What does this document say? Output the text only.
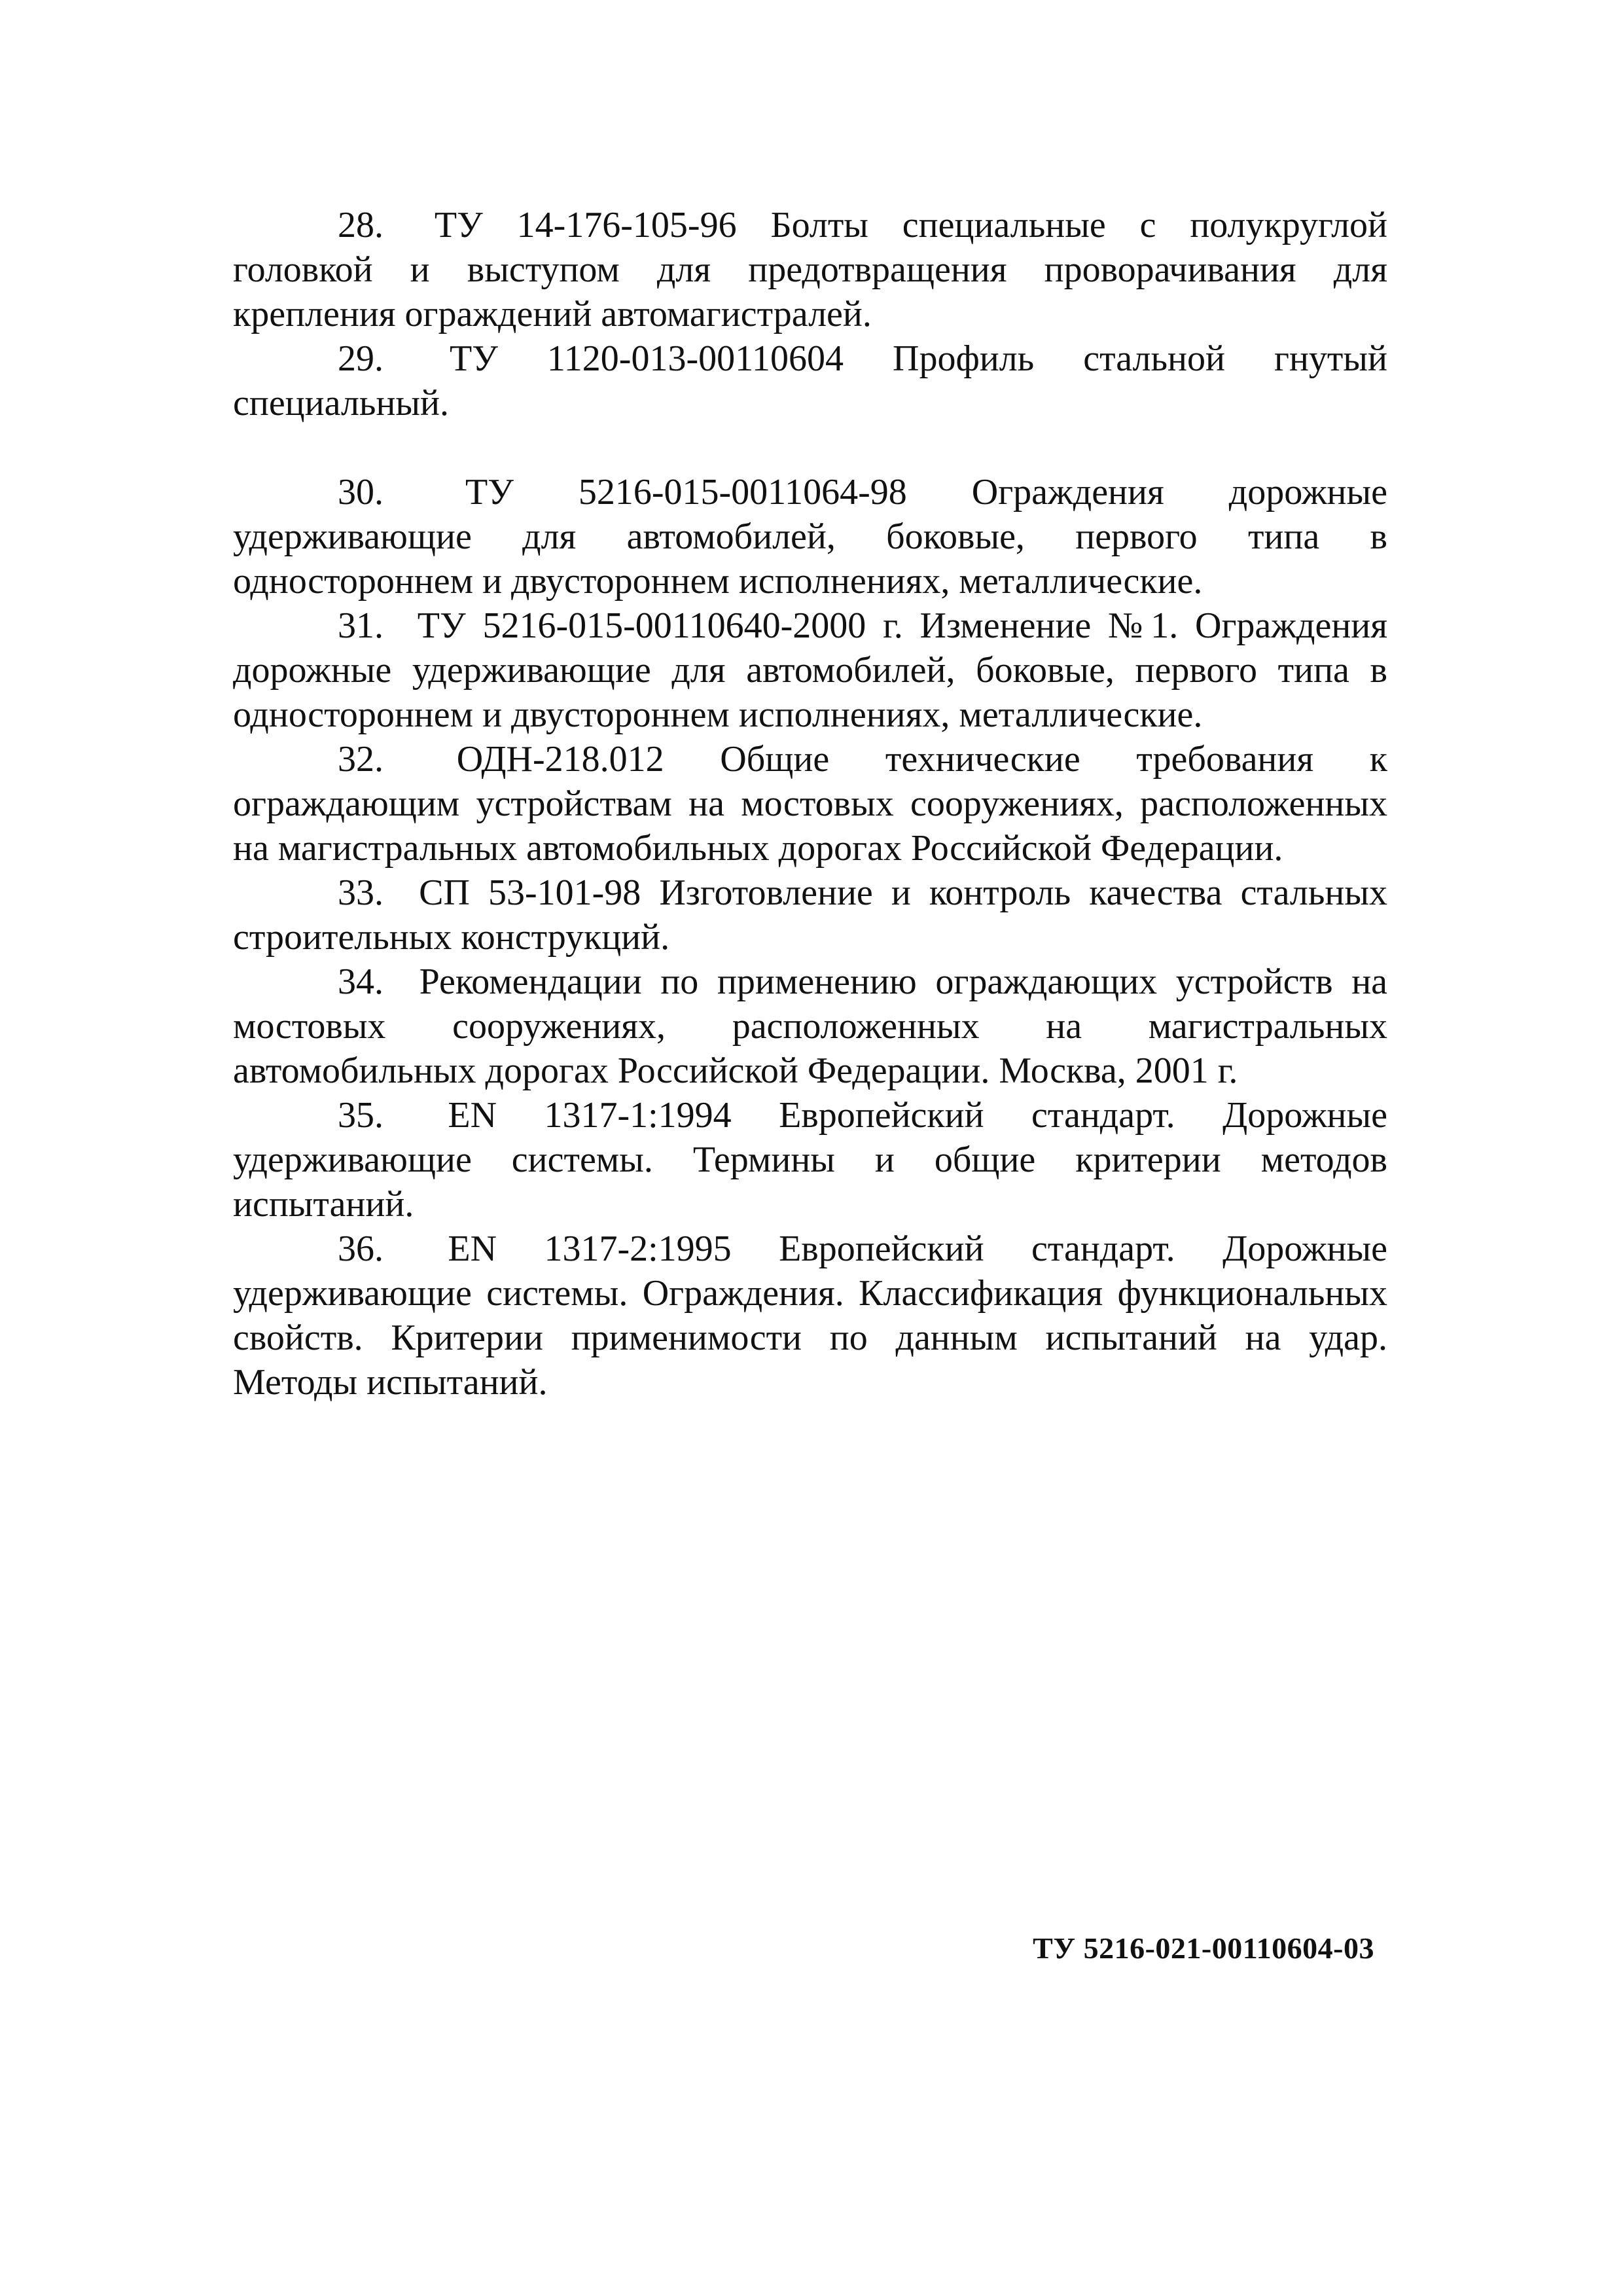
28. ТУ 14-176-105-96 Болты специальные с полукруглой головкой и выступом для предотвращения проворачивания для крепления ограждений автомагистралей.

29. ТУ 1120-013-00110604 Профиль стальной гнутый специальный.

30. ТУ 5216-015-0011064-98 Ограждения дорожные удерживающие для автомобилей, боковые, первого типа в одностороннем и двустороннем исполнениях, металлические.

31. ТУ 5216-015-00110640-2000 г. Изменение №1. Ограждения дорожные удерживающие для автомобилей, боковые, первого типа в одностороннем и двустороннем исполнениях, металлические.

32. ОДН-218.012 Общие технические требования к ограждающим устройствам на мостовых сооружениях, расположенных на магистральных автомобильных дорогах Российской Федерации.

33. СП 53-101-98 Изготовление и контроль качества стальных строительных конструкций.

34. Рекомендации по применению ограждающих устройств на мостовых сооружениях, расположенных на магистральных автомобильных дорогах Российской Федерации. Москва, 2001 г.

35. EN 1317-1:1994 Европейский стандарт. Дорожные удерживающие системы. Термины и общие критерии методов испытаний.

36. EN 1317-2:1995 Европейский стандарт. Дорожные удерживающие системы. Ограждения. Классификация функциональных свойств. Критерии применимости по данным испытаний на удар. Методы испытаний.

ТУ 5216-021-00110604-03
